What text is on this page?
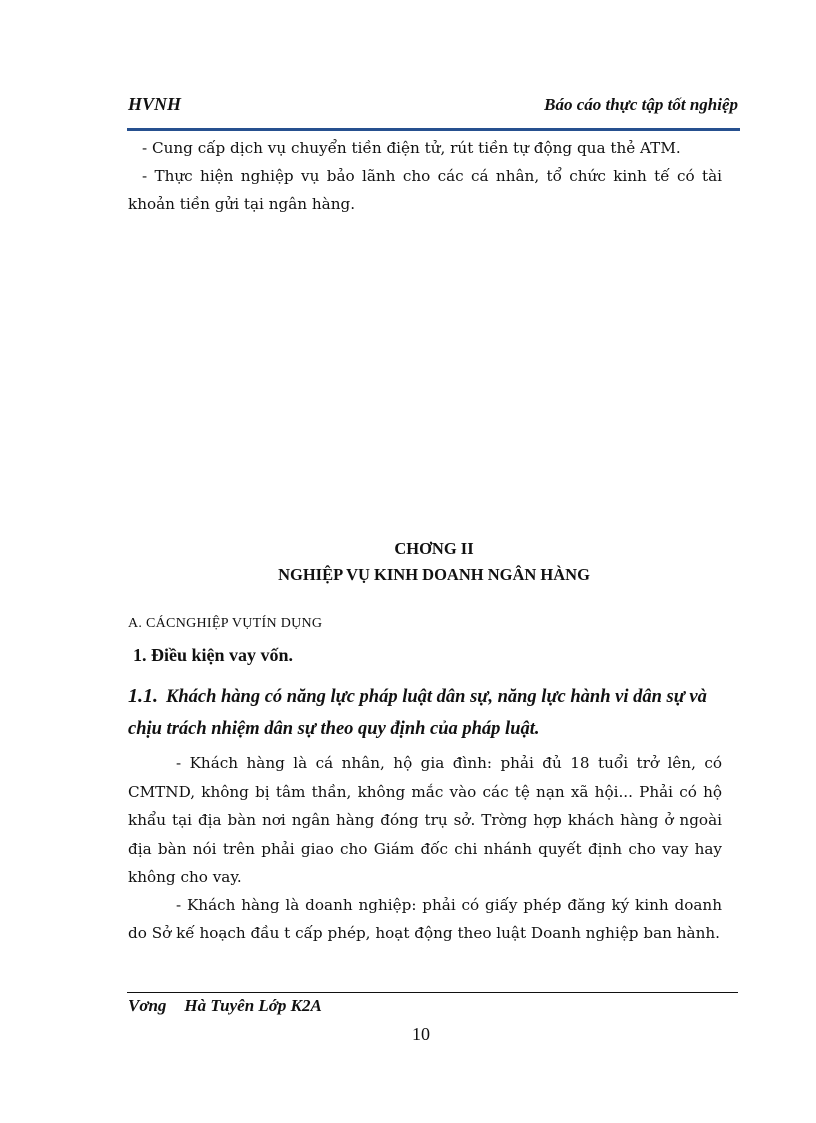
HVNH	Báo cáo thực tập tốt nghiệp
- Cung cấp dịch vụ chuyển tiền điện tử, rút tiền tự động qua thẻ ATM.
- Thực hiện nghiệp vụ bảo lãnh cho các cá nhân, tổ chức kinh tế có tài khoản tiền gửi tại ngân hàng.
CHƠNG II
NGHIỆP VỤ KINH DOANH NGÂN HÀNG
A. CÁCNGHIỆP VỤTÍN DỤNG
1. Điều kiện vay vốn.
1.1. Khách hàng có năng lực pháp luật dân sự, năng lực hành vi dân sự và chịu trách nhiệm dân sự theo quy định của pháp luật.
- Khách hàng là cá nhân, hộ gia đình: phải đủ 18 tuổi trở lên, có CMTND, không bị tâm thần, không mắc vào các tệ nạn xã hội... Phải có hộ khẩu tại địa bàn nơi ngân hàng đóng trụ sở. Trờng hợp khách hàng ở ngoài địa bàn nói trên phải giao cho Giám đốc chi nhánh quyết định cho vay hay không cho vay.
- Khách hàng là doanh nghiệp: phải có giấy phép đăng ký kinh doanh do Sở kế hoạch đầu t cấp phép, hoạt động theo luật Doanh nghiệp ban hành.
Vơng Hà Tuyên Lớp K2A
10
